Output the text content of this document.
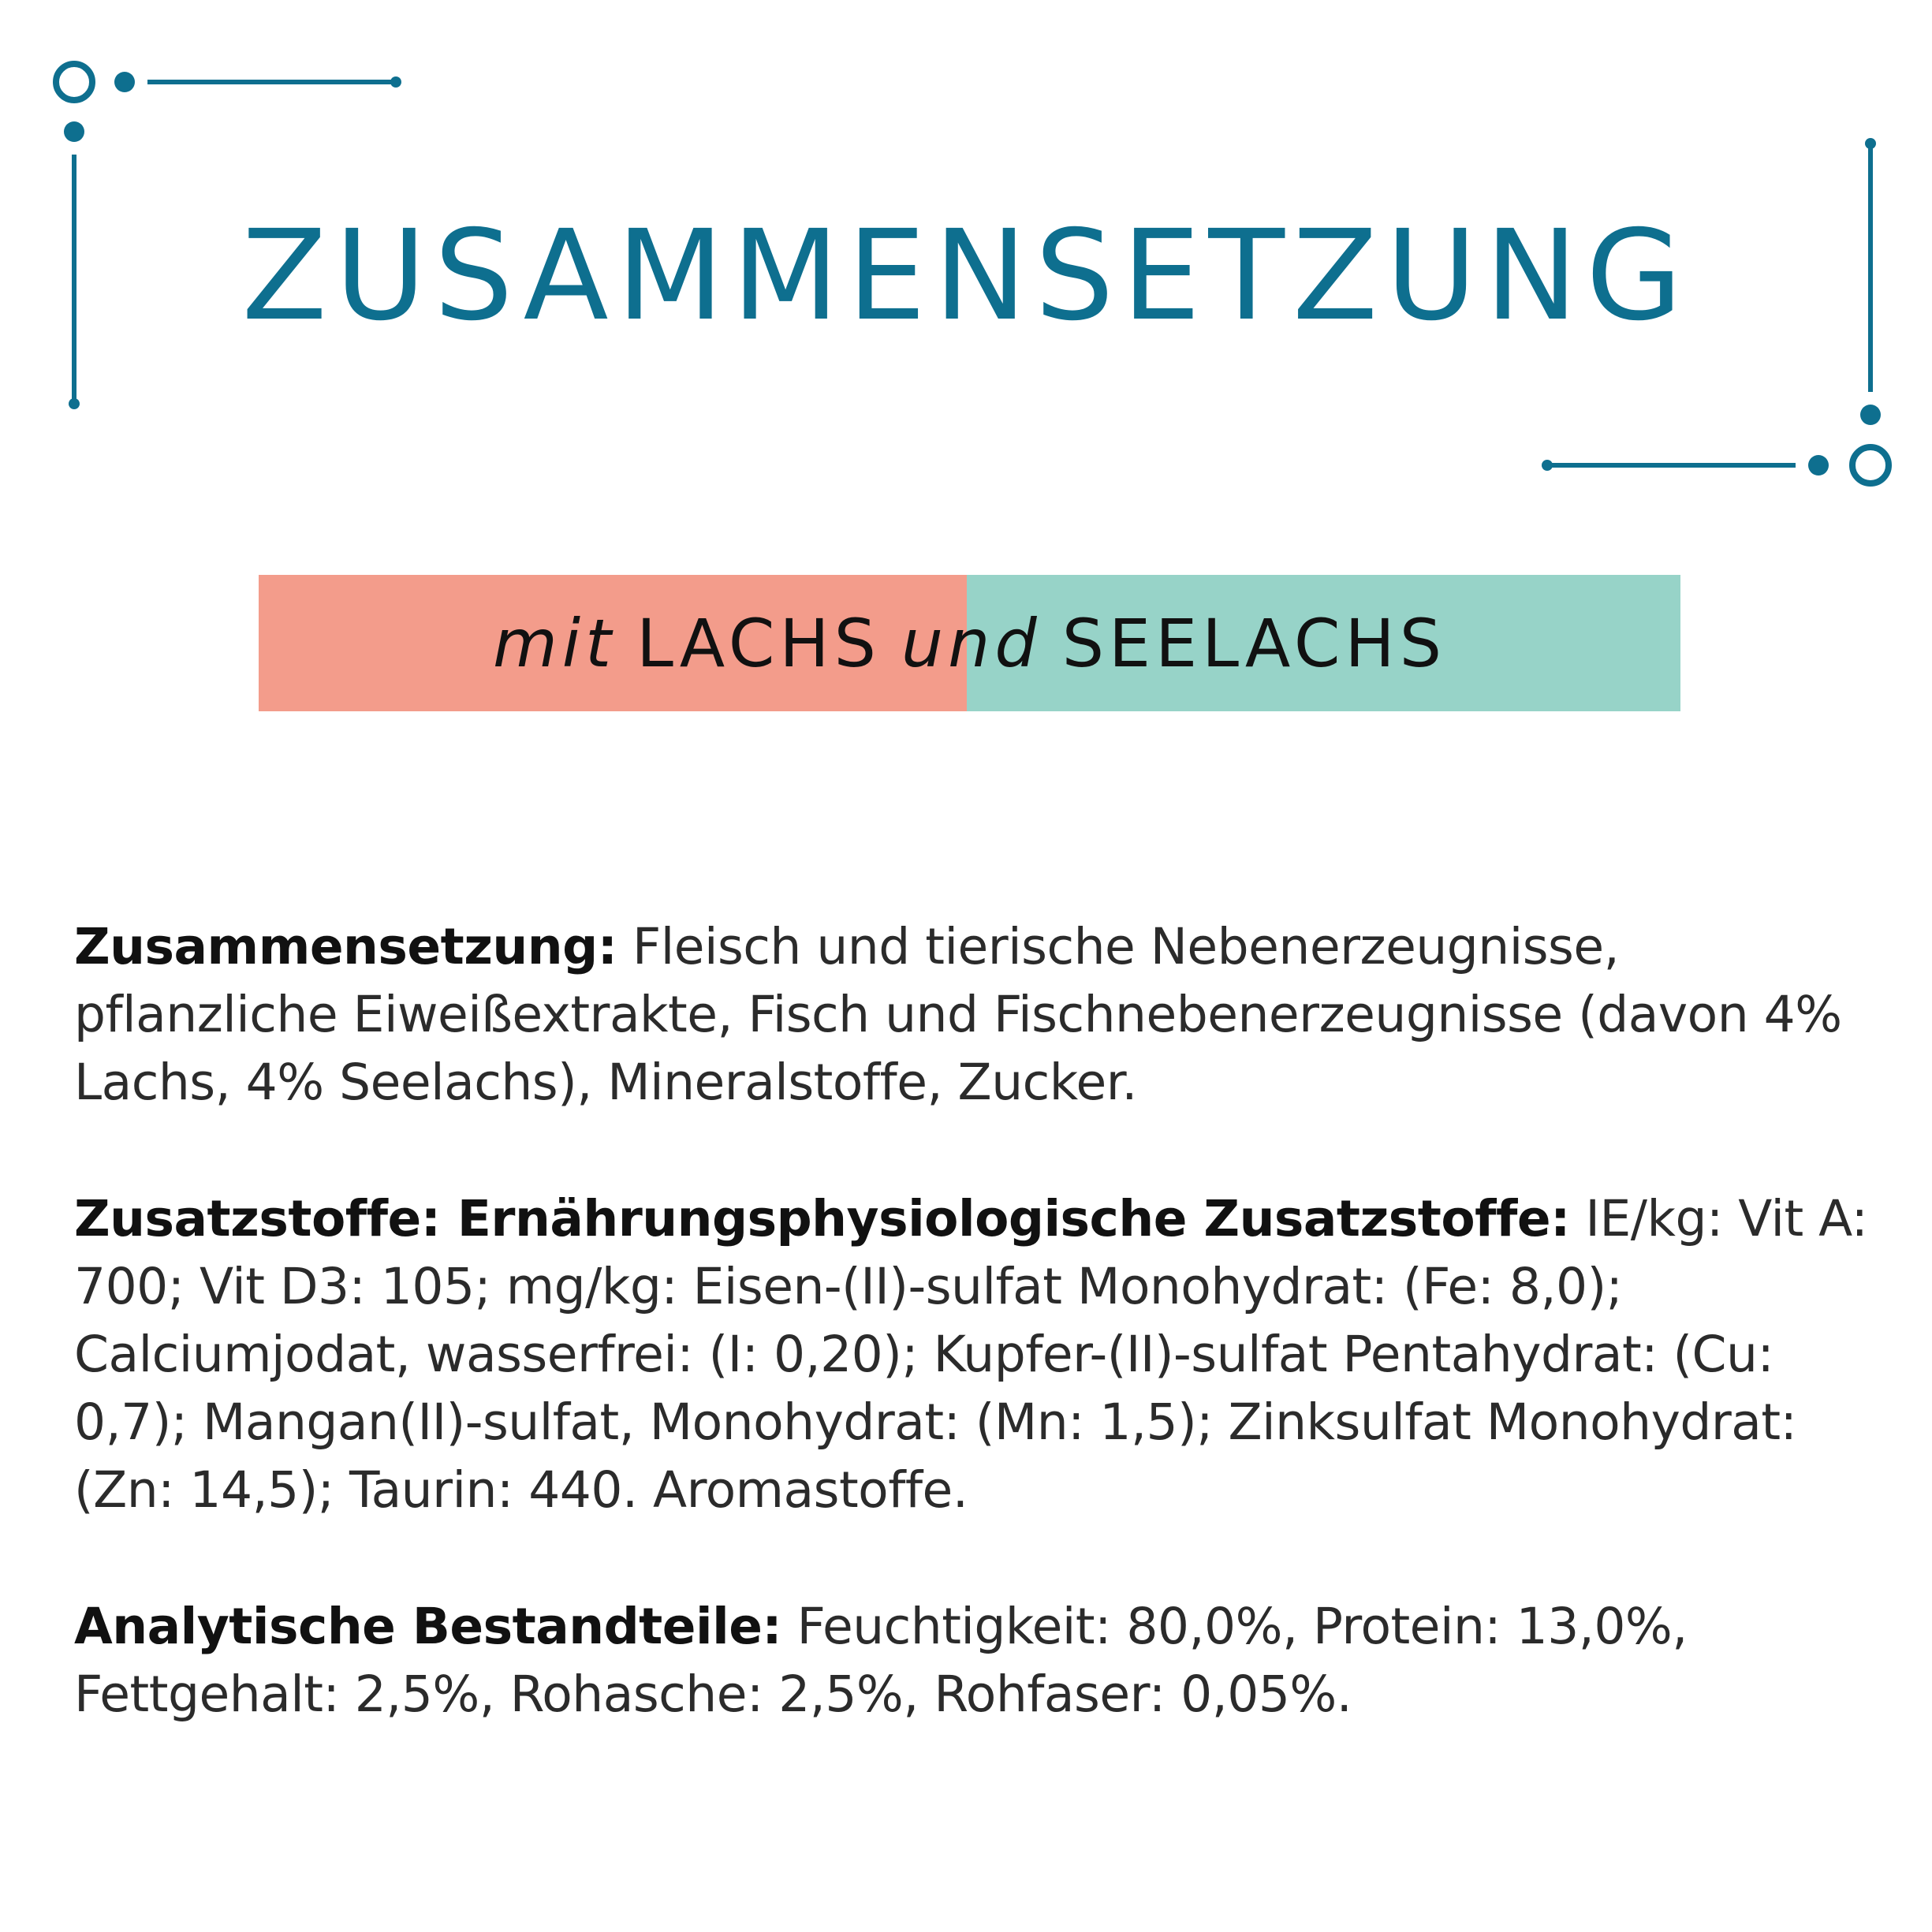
ZUSAMMENSETZUNG
mit LACHS und SEELACHS

Zusammensetzung: Fleisch und tierische Nebenerzeugnisse, pflanzliche Eiweißextrakte, Fisch und Fischnebenerzeugnisse (davon 4% Lachs, 4% Seelachs), Mineralstoffe, Zucker.

Zusatzstoffe: Ernährungsphysiologische Zusatzstoffe: IE/kg: Vit A: 700; Vit D3: 105; mg/kg: Eisen-(II)-sulfat Monohydrat: (Fe: 8,0); Calciumjodat, wasserfrei: (I: 0,20); Kupfer-(II)-sulfat Pentahydrat: (Cu: 0,7); Mangan(II)-sulfat, Monohydrat: (Mn: 1,5); Zinksulfat Monohydrat: (Zn: 14,5); Taurin: 440. Aromastoffe.

Analytische Bestandteile: Feuchtigkeit: 80,0%, Protein: 13,0%, Fettgehalt: 2,5%, Rohasche: 2,5%, Rohfaser: 0,05%.
